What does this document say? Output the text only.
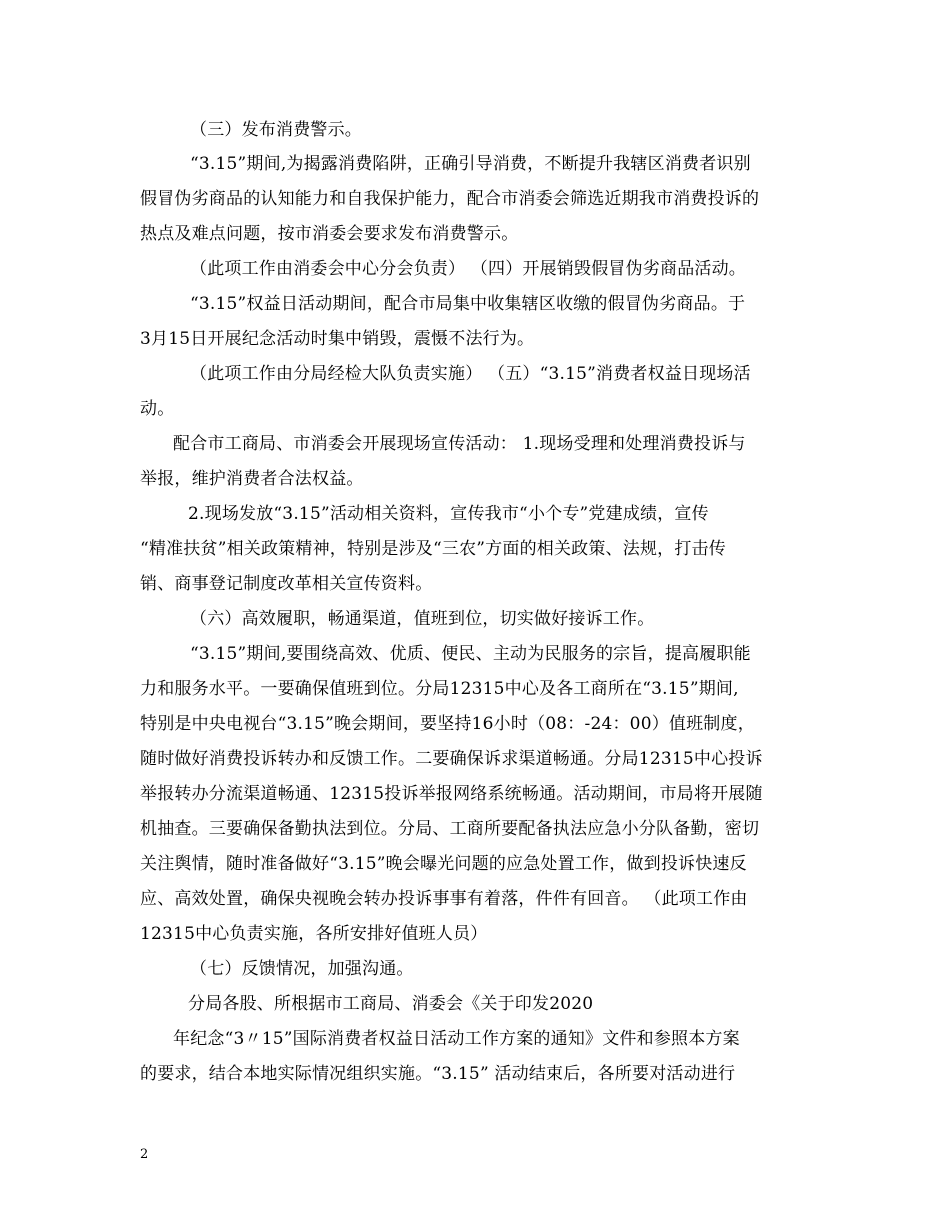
（三）发布消费警示。
“3.15”期间,为揭露消费陷阱，正确引导消费，不断提升我辖区消费者识别
假冒伪劣商品的认知能力和自我保护能力，配合市消委会筛选近期我市消费投诉的
热点及难点问题，按市消委会要求发布消费警示。
（此项工作由消委会中心分会负责） （四）开展销毁假冒伪劣商品活动。
“3.15”权益日活动期间，配合市局集中收集辖区收缴的假冒伪劣商品。于
3月15日开展纪念活动时集中销毁，震慑不法行为。
（此项工作由分局经检大队负责实施） （五）“3.15”消费者权益日现场活
动。
配合市工商局、市消委会开展现场宣传活动： 1.现场受理和处理消费投诉与
举报，维护消费者合法权益。
2.现场发放“3.15”活动相关资料，宣传我市“小个专”党建成绩，宣传
“精准扶贫”相关政策精神，特别是涉及“三农”方面的相关政策、法规，打击传
销、商事登记制度改革相关宣传资料。
（六）高效履职，畅通渠道，值班到位，切实做好接诉工作。
“3.15”期间,要围绕高效、优质、便民、主动为民服务的宗旨，提高履职能
力和服务水平。一要确保值班到位。分局12315中心及各工商所在“3.15”期间,
特别是中央电视台“3.15”晚会期间，要坚持16小时（08：-24：00）值班制度，
随时做好消费投诉转办和反馈工作。二要确保诉求渠道畅通。分局12315中心投诉
举报转办分流渠道畅通、12315投诉举报网络系统畅通。活动期间，市局将开展随
机抽查。三要确保备勤执法到位。分局、工商所要配备执法应急小分队备勤，密切
关注舆情，随时准备做好“3.15”晚会曝光问题的应急处置工作，做到投诉快速反
应、高效处置，确保央视晚会转办投诉事事有着落，件件有回音。 （此项工作由
12315中心负责实施，各所安排好值班人员）
（七）反馈情况，加强沟通。
分局各股、所根据市工商局、消委会《关于印发2020
年纪念“3〃15”国际消费者权益日活动工作方案的通知》文件和参照本方案
的要求，结合本地实际情况组织实施。“3.15” 活动结束后，各所要对活动进行
2
